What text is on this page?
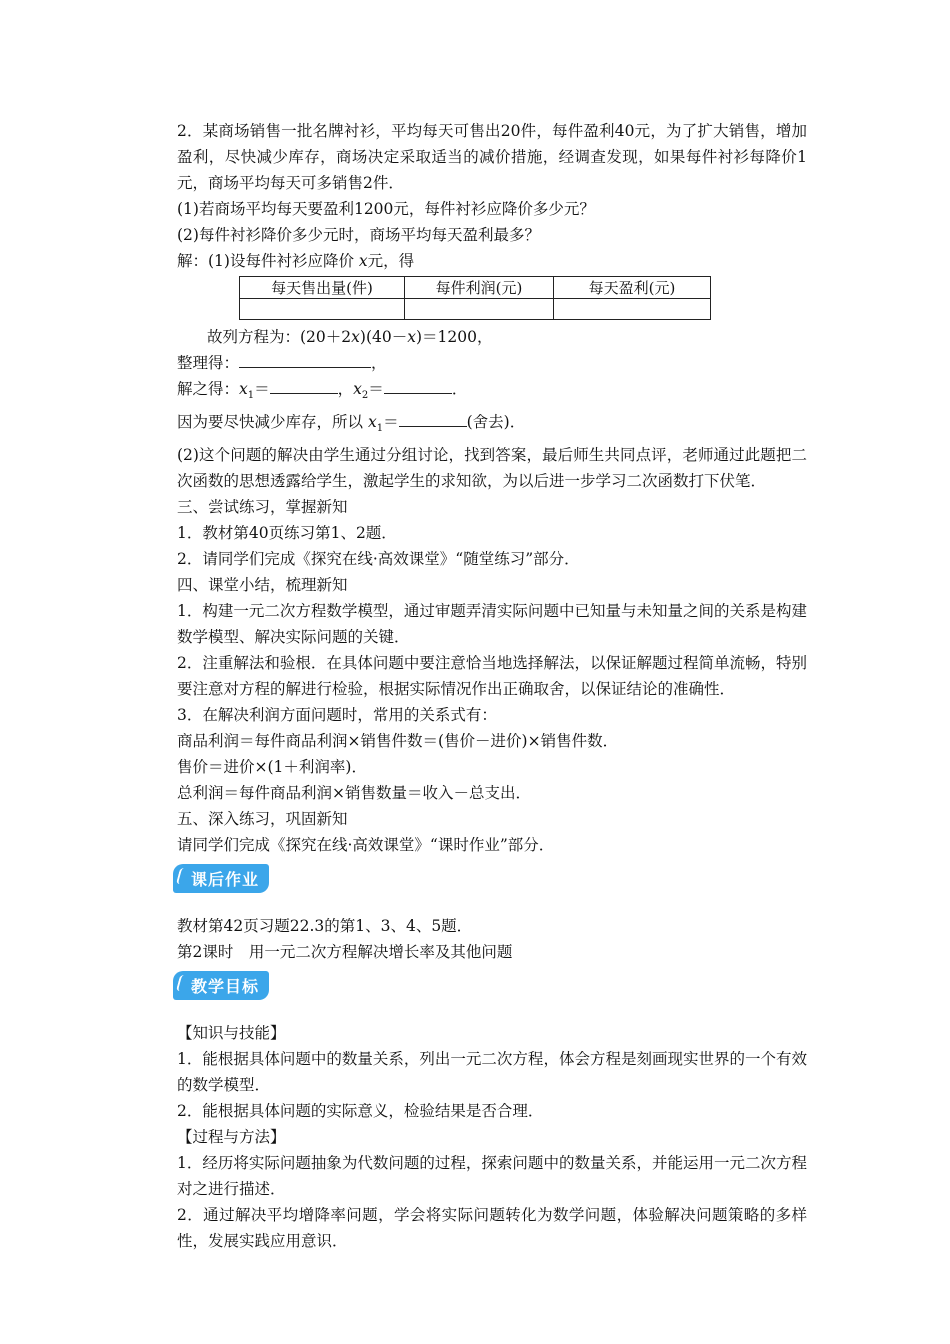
2．某商场销售一批名牌衬衫，平均每天可售出20件，每件盈利40元，为了扩大销售，增加盈利，尽快减少库存，商场决定采取适当的减价措施，经调查发现，如果每件衬衫每降价1元，商场平均每天可多销售2件．
(1)若商场平均每天要盈利1200元，每件衬衫应降价多少元？
(2)每件衬衫降价多少元时，商场平均每天盈利最多？
解：(1)设每件衬衫应降价 x元，得
每天售出量(件)	每件利润(元)	每天盈利(元)

故列方程为：(20＋2x)(40－x)＝1200，
整理得：	，
解之得：$x_1=$	，$x_2=$	．
因为要尽快减少库存，所以 $x_1=$	(舍去)．
(2)这个问题的解决由学生通过分组讨论，找到答案，最后师生共同点评，老师通过此题把二次函数的思想透露给学生，激起学生的求知欲，为以后进一步学习二次函数打下伏笔．
三、尝试练习，掌握新知
1．教材第40页练习第1、2题．
2．请同学们完成《探究在线·高效课堂》“随堂练习”部分．
四、课堂小结，梳理新知
1．构建一元二次方程数学模型，通过审题弄清实际问题中已知量与未知量之间的关系是构建数学模型、解决实际问题的关键．
2．注重解法和验根．在具体问题中要注意恰当地选择解法，以保证解题过程简单流畅，特别要注意对方程的解进行检验，根据实际情况作出正确取舍，以保证结论的准确性．
3．在解决利润方面问题时，常用的关系式有：
商品利润＝每件商品利润×销售件数＝(售价－进价)×销售件数．
售价＝进价×(1＋利润率)．
总利润＝每件商品利润×销售数量＝收入－总支出．
五、深入练习，巩固新知
请同学们完成《探究在线·高效课堂》“课时作业”部分．
课后作业
教材第42页习题22.3的第1、3、4、5题．
第2课时　用一元二次方程解决增长率及其他问题
教学目标
【知识与技能】
1．能根据具体问题中的数量关系，列出一元二次方程，体会方程是刻画现实世界的一个有效的数学模型．
2．能根据具体问题的实际意义，检验结果是否合理．
【过程与方法】
1．经历将实际问题抽象为代数问题的过程，探索问题中的数量关系，并能运用一元二次方程对之进行描述．
2．通过解决平均增降率问题，学会将实际问题转化为数学问题，体验解决问题策略的多样性，发展实践应用意识．
